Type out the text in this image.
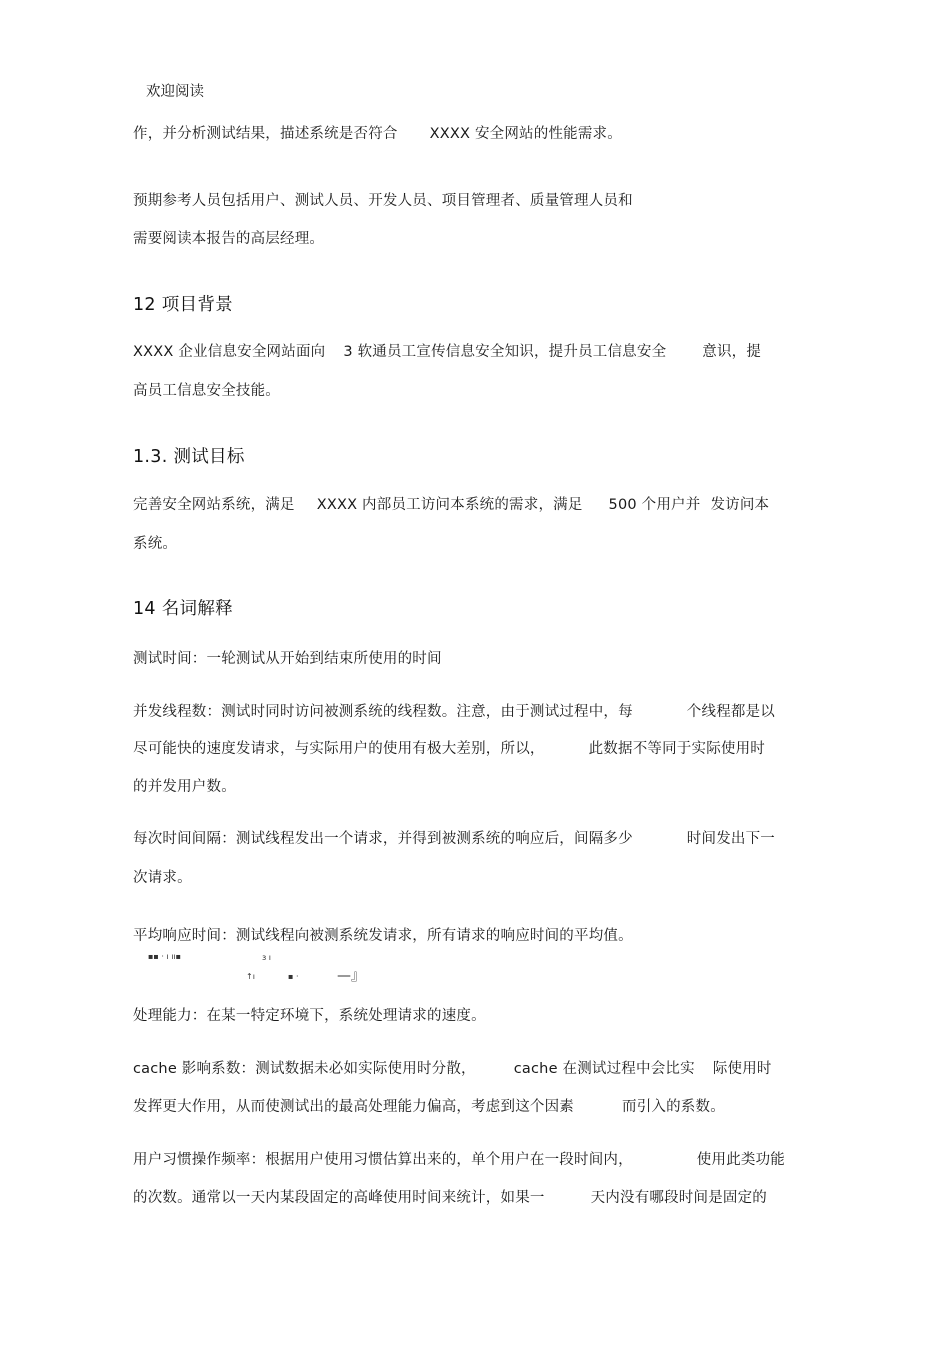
欢迎阅读
作，并分析测试结果，描述系统是否符合 XXXX 安全网站的性能需求。
预期参考人员包括用户、测试人员、开发人员、项目管理者、质量管理人员和
需要阅读本报告的高层经理。
12 项目背景
XXXX 企业信息安全网站面向 3 软通员工宣传信息安全知识，提升员工信息安全 意识，提
高员工信息安全技能。
1.3. 测试目标
完善安全网站系统，满足 XXXX 内部员工访问本系统的需求，满足 500 个用户并 发访问本
系统。
14 名词解释
测试时间：一轮测试从开始到结束所使用的时间
并发线程数：测试时同时访问被测系统的线程数。注意，由于测试过程中，每	个线程都是以
尽可能快的速度发请求，与实际用户的使用有极大差别，所以，	此数据不等同于实际使用时
的并发用户数。
每次时间间隔：测试线程发出一个请求，并得到被测系统的响应后，间隔多少	时间发出下一
次请求。
平均响应时间：测试线程向被测系统发请求，所有请求的响应时间的平均值。
▪▪ · ı ıı▪	ɜ ı
↑ı	▪ ·	—』
处理能力：在某一特定环境下，系统处理请求的速度。
cache 影响系数：测试数据未必如实际使用时分散，	cache 在测试过程中会比实 际使用时
发挥更大作用，从而使测试出的最高处理能力偏高，考虑到这个因素	而引入的系数。
用户习惯操作频率：根据用户使用习惯估算出来的，单个用户在一段时间内，	使用此类功能
的次数。通常以一天内某段固定的高峰使用时间来统计，如果一	天内没有哪段时间是固定的
